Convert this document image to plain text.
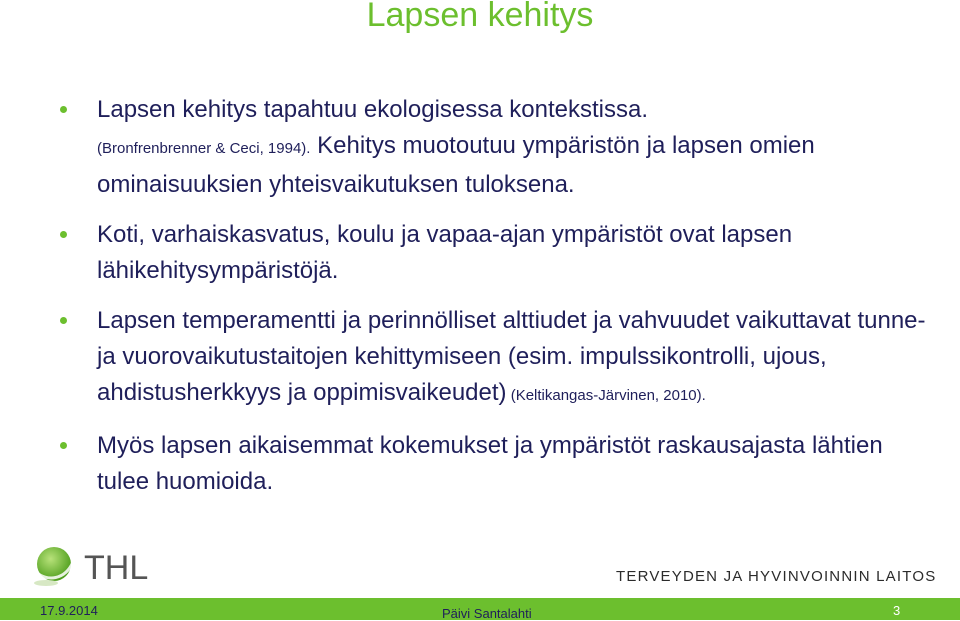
Lapsen kehitys
Lapsen kehitys tapahtuu ekologisessa kontekstissa.
(Bronfrenbrenner & Ceci, 1994). Kehitys muotoutuu ympäristön ja lapsen omien ominaisuuksien yhteisvaikutuksen tuloksena.
Koti, varhaiskasvatus, koulu ja vapaa-ajan ympäristöt ovat lapsen lähikehitysympäristöjä.
Lapsen temperamentti ja perinnölliset alttiudet ja vahvuudet vaikuttavat tunne- ja vuorovaikutustaitojen kehittymiseen (esim. impulssikontrolli, ujous, ahdistusherkkyys ja oppimisvaikeudet) (Keltikangas-Järvinen, 2010).
Myös lapsen aikaisemmat kokemukset ja ympäristöt raskausajasta lähtien tulee huomioida.
THL	TERVEYDEN JA HYVINVOINNIN LAITOS
17.9.2014	Päivi Santalahti	3
